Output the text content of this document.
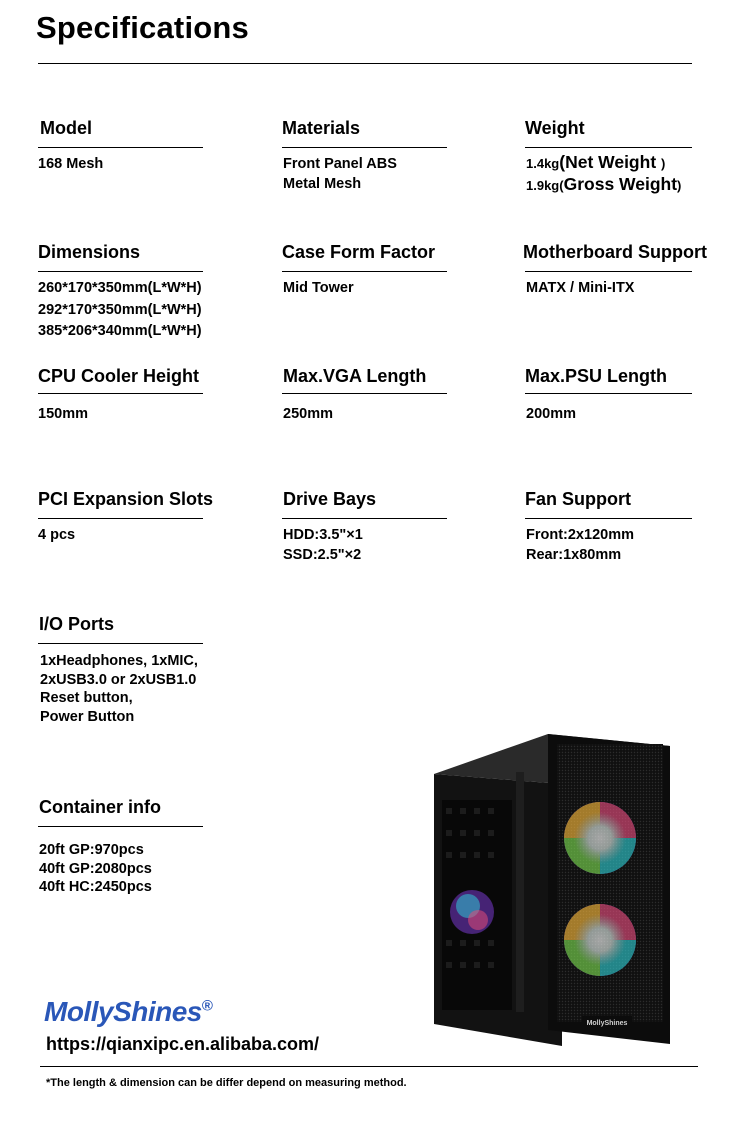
Specifications
Model
168 Mesh
Materials
Front Panel ABS
Metal Mesh
Weight
1.4kg(Net Weight )
1.9kg(Gross Weight)
Dimensions
260*170*350mm(L*W*H)
292*170*350mm(L*W*H)
385*206*340mm(L*W*H)
Case Form Factor
Mid Tower
Motherboard Support
MATX / Mini-ITX
CPU Cooler Height
150mm
Max.VGA Length
250mm
Max.PSU Length
200mm
PCI Expansion Slots
4 pcs
Drive Bays
HDD:3.5"×1
SSD:2.5"×2
Fan Support
Front:2x120mm
Rear:1x80mm
I/O Ports
1xHeadphones, 1xMIC,
2xUSB3.0 or 2xUSB1.0
Reset button,
Power Button
Container info
20ft GP:970pcs
40ft GP:2080pcs
40ft HC:2450pcs
MollyShines
MollyShines®
https://qianxipc.en.alibaba.com/
*The length & dimension can be differ depend on measuring method.
